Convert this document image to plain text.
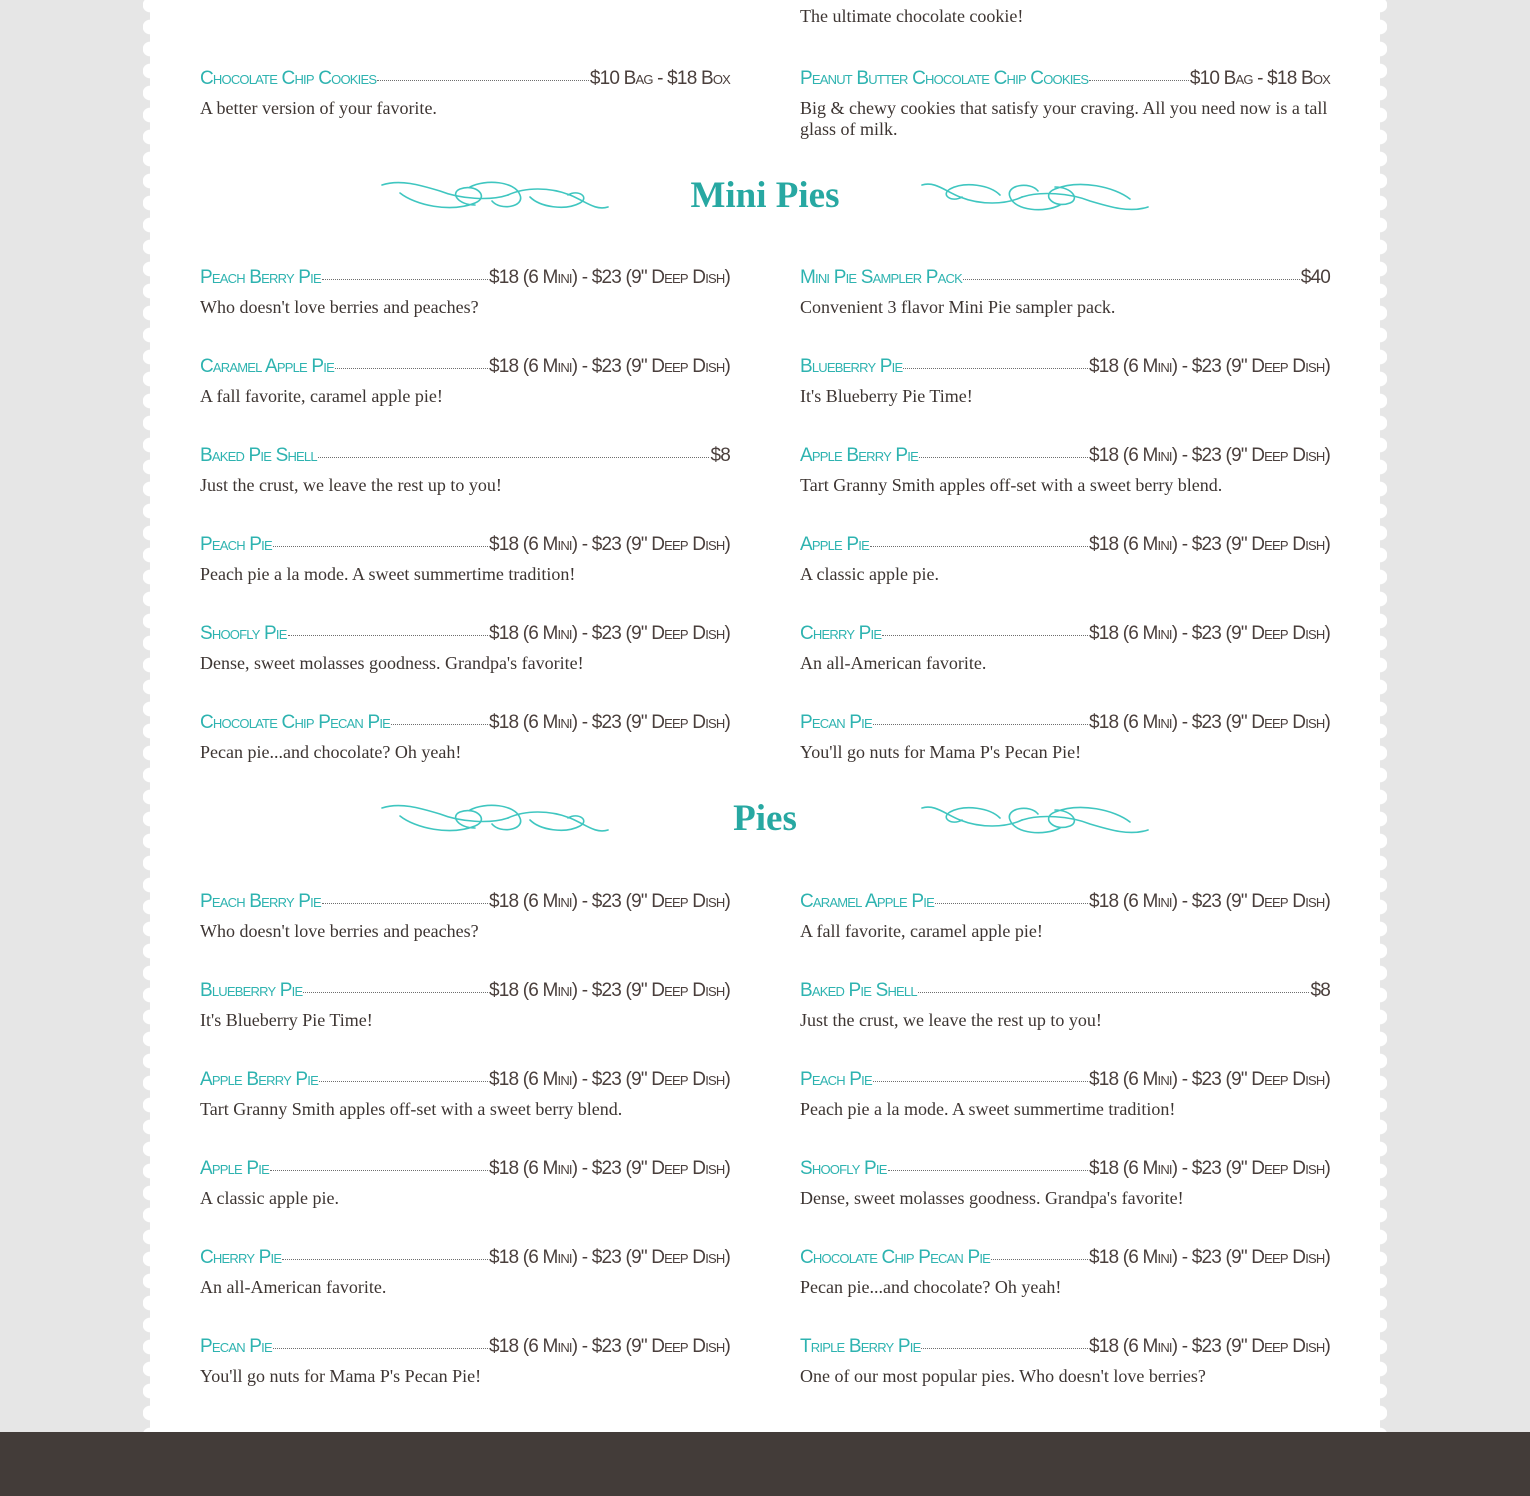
The ultimate chocolate cookie!
Chocolate Chip Cookies	$10 Bag - $18 Box
A better version of your favorite.
Peanut Butter Chocolate Chip Cookies	$10 Bag - $18 Box
Big & chewy cookies that satisfy your craving. All you need now is a tall glass of milk.
Mini Pies
Peach Berry Pie	$18 (6 Mini) - $23 (9" Deep Dish)
Who doesn't love berries and peaches?
Mini Pie Sampler Pack	$40
Convenient 3 flavor Mini Pie sampler pack.
Caramel Apple Pie	$18 (6 Mini) - $23 (9" Deep Dish)
A fall favorite, caramel apple pie!
Blueberry Pie	$18 (6 Mini) - $23 (9" Deep Dish)
It's Blueberry Pie Time!
Baked Pie Shell	$8
Just the crust, we leave the rest up to you!
Apple Berry Pie	$18 (6 Mini) - $23 (9" Deep Dish)
Tart Granny Smith apples off-set with a sweet berry blend.
Peach Pie	$18 (6 Mini) - $23 (9" Deep Dish)
Peach pie a la mode. A sweet summertime tradition!
Apple Pie	$18 (6 Mini) - $23 (9" Deep Dish)
A classic apple pie.
Shoofly Pie	$18 (6 Mini) - $23 (9" Deep Dish)
Dense, sweet molasses goodness. Grandpa's favorite!
Cherry Pie	$18 (6 Mini) - $23 (9" Deep Dish)
An all-American favorite.
Chocolate Chip Pecan Pie	$18 (6 Mini) - $23 (9" Deep Dish)
Pecan pie...and chocolate? Oh yeah!
Pecan Pie	$18 (6 Mini) - $23 (9" Deep Dish)
You'll go nuts for Mama P's Pecan Pie!
Pies
Peach Berry Pie	$18 (6 Mini) - $23 (9" Deep Dish)
Who doesn't love berries and peaches?
Caramel Apple Pie	$18 (6 Mini) - $23 (9" Deep Dish)
A fall favorite, caramel apple pie!
Blueberry Pie	$18 (6 Mini) - $23 (9" Deep Dish)
It's Blueberry Pie Time!
Baked Pie Shell	$8
Just the crust, we leave the rest up to you!
Apple Berry Pie	$18 (6 Mini) - $23 (9" Deep Dish)
Tart Granny Smith apples off-set with a sweet berry blend.
Peach Pie	$18 (6 Mini) - $23 (9" Deep Dish)
Peach pie a la mode. A sweet summertime tradition!
Apple Pie	$18 (6 Mini) - $23 (9" Deep Dish)
A classic apple pie.
Shoofly Pie	$18 (6 Mini) - $23 (9" Deep Dish)
Dense, sweet molasses goodness. Grandpa's favorite!
Cherry Pie	$18 (6 Mini) - $23 (9" Deep Dish)
An all-American favorite.
Chocolate Chip Pecan Pie	$18 (6 Mini) - $23 (9" Deep Dish)
Pecan pie...and chocolate? Oh yeah!
Pecan Pie	$18 (6 Mini) - $23 (9" Deep Dish)
You'll go nuts for Mama P's Pecan Pie!
Triple Berry Pie	$18 (6 Mini) - $23 (9" Deep Dish)
One of our most popular pies. Who doesn't love berries?
